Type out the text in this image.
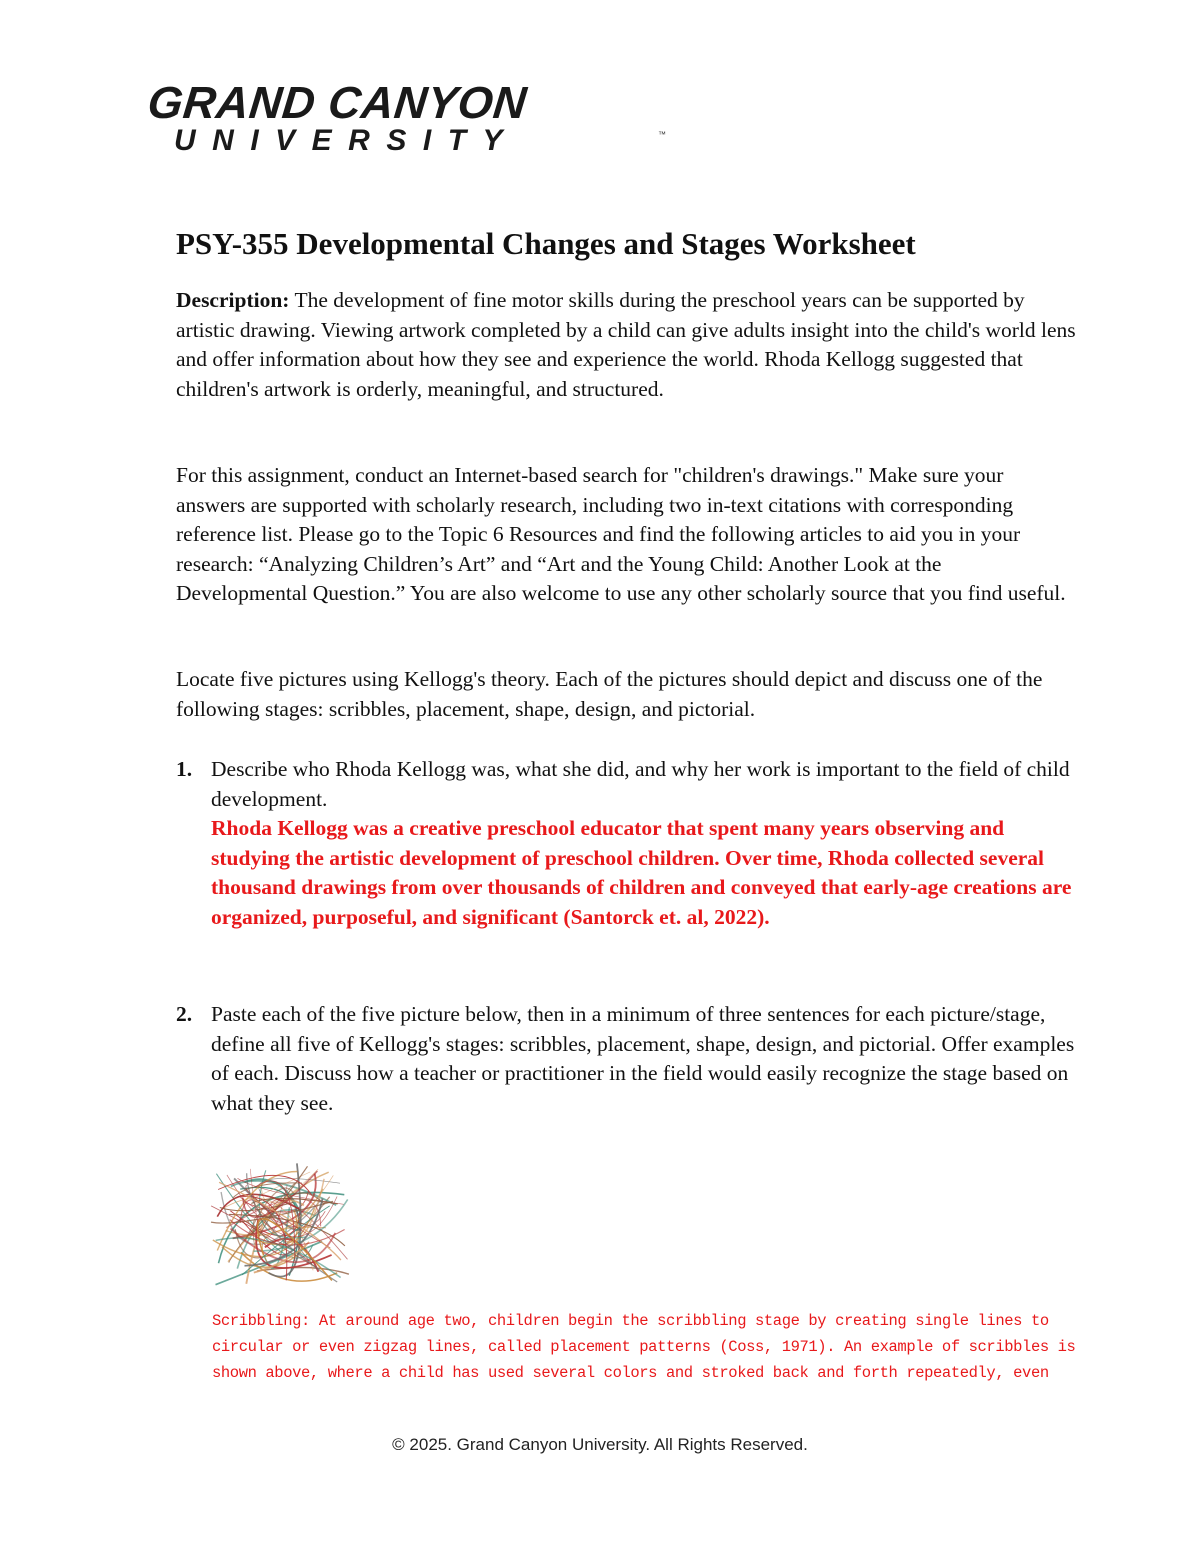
GRAND CANYON
UNIVERSITY	™
PSY-355 Developmental Changes and Stages Worksheet

Description: The development of fine motor skills during the preschool years can be supported by artistic drawing. Viewing artwork completed by a child can give adults insight into the child's world lens and offer information about how they see and experience the world. Rhoda Kellogg suggested that children's artwork is orderly, meaningful, and structured.

For this assignment, conduct an Internet-based search for "children's drawings." Make sure your answers are supported with scholarly research, including two in-text citations with corresponding reference list. Please go to the Topic 6 Resources and find the following articles to aid you in your research: “Analyzing Children’s Art” and “Art and the Young Child: Another Look at the Developmental Question.” You are also welcome to use any other scholarly source that you find useful.

Locate five pictures using Kellogg's theory. Each of the pictures should depict and discuss one of the following stages: scribbles, placement, shape, design, and pictorial.

1. Describe who Rhoda Kellogg was, what she did, and why her work is important to the field of child development.

Rhoda Kellogg was a creative preschool educator that spent many years observing and studying the artistic development of preschool children. Over time, Rhoda collected several thousand drawings from over thousands of children and conveyed that early-age creations are organized, purposeful, and significant (Santorck et. al, 2022).

2. Paste each of the five picture below, then in a minimum of three sentences for each picture/stage, define all five of Kellogg's stages: scribbles, placement, shape, design, and pictorial. Offer examples of each. Discuss how a teacher or practitioner in the field would easily recognize the stage based on what they see.

Scribbling: At around age two, children begin the scribbling stage by creating single lines to circular or even zigzag lines, called placement patterns (Coss, 1971). An example of scribbles is shown above, where a child has used several colors and stroked back and forth repeatedly, even

© 2025. Grand Canyon University. All Rights Reserved.
